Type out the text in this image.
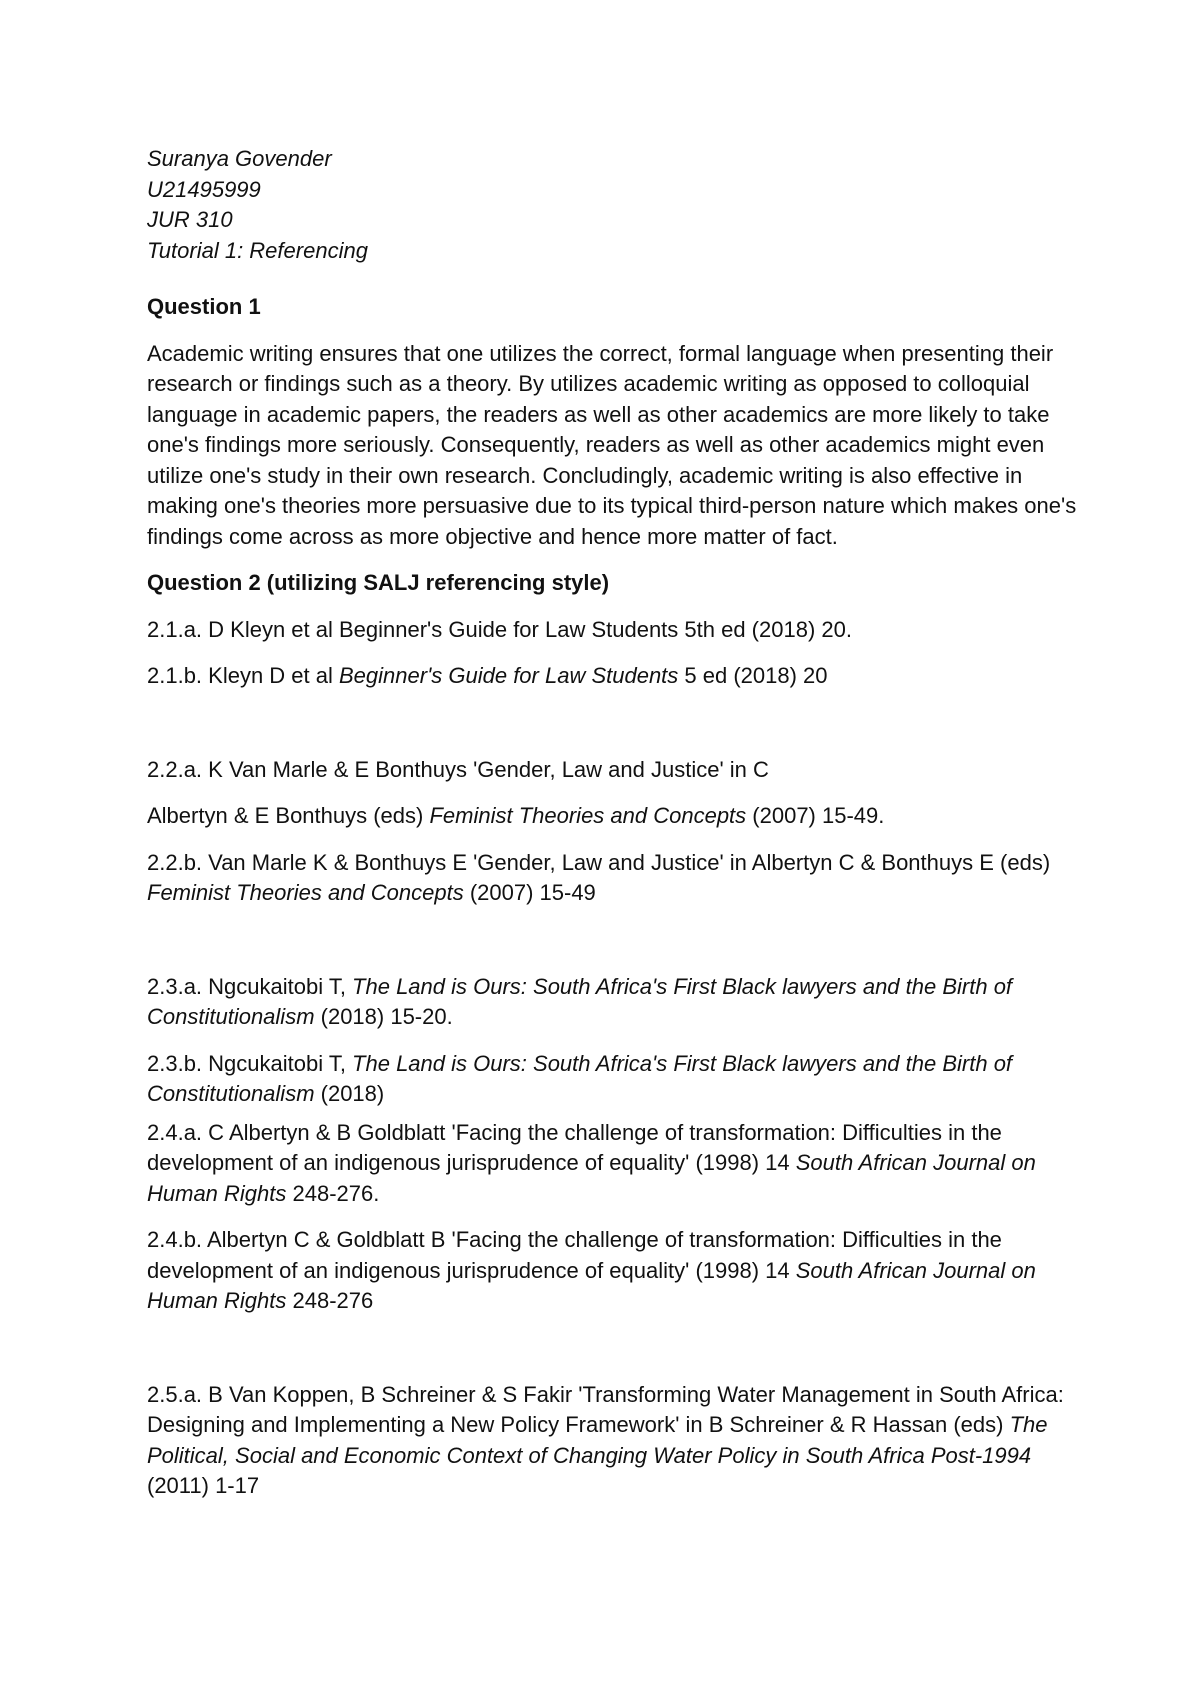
Suranya Govender
U21495999
JUR 310
Tutorial 1: Referencing
Question 1

Academic writing ensures that one utilizes the correct, formal language when presenting their research or findings such as a theory. By utilizes academic writing as opposed to colloquial language in academic papers, the readers as well as other academics are more likely to take one's findings more seriously. Consequently, readers as well as other academics might even utilize one's study in their own research. Concludingly, academic writing is also effective in making one's theories more persuasive due to its typical third-person nature which makes one's findings come across as more objective and hence more matter of fact.

Question 2 (utilizing SALJ referencing style)

2.1.a. D Kleyn et al Beginner's Guide for Law Students 5th ed (2018) 20.

2.1.b. Kleyn D et al Beginner's Guide for Law Students 5 ed (2018) 20

2.2.a. K Van Marle & E Bonthuys 'Gender, Law and Justice' in C

Albertyn & E Bonthuys (eds) Feminist Theories and Concepts (2007) 15-49.

2.2.b. Van Marle K & Bonthuys E 'Gender, Law and Justice' in Albertyn C & Bonthuys E (eds) Feminist Theories and Concepts (2007) 15-49

2.3.a. Ngcukaitobi T, The Land is Ours: South Africa's First Black lawyers and the Birth of Constitutionalism (2018) 15-20.

2.3.b. Ngcukaitobi T, The Land is Ours: South Africa's First Black lawyers and the Birth of Constitutionalism (2018)

2.4.a. C Albertyn & B Goldblatt 'Facing the challenge of transformation: Difficulties in the development of an indigenous jurisprudence of equality' (1998) 14 South African Journal on Human Rights 248-276.

2.4.b. Albertyn C & Goldblatt B 'Facing the challenge of transformation: Difficulties in the development of an indigenous jurisprudence of equality' (1998) 14 South African Journal on Human Rights 248-276

2.5.a. B Van Koppen, B Schreiner & S Fakir 'Transforming Water Management in South Africa: Designing and Implementing a New Policy Framework' in B Schreiner & R Hassan (eds) The Political, Social and Economic Context of Changing Water Policy in South Africa Post-1994 (2011) 1-17
